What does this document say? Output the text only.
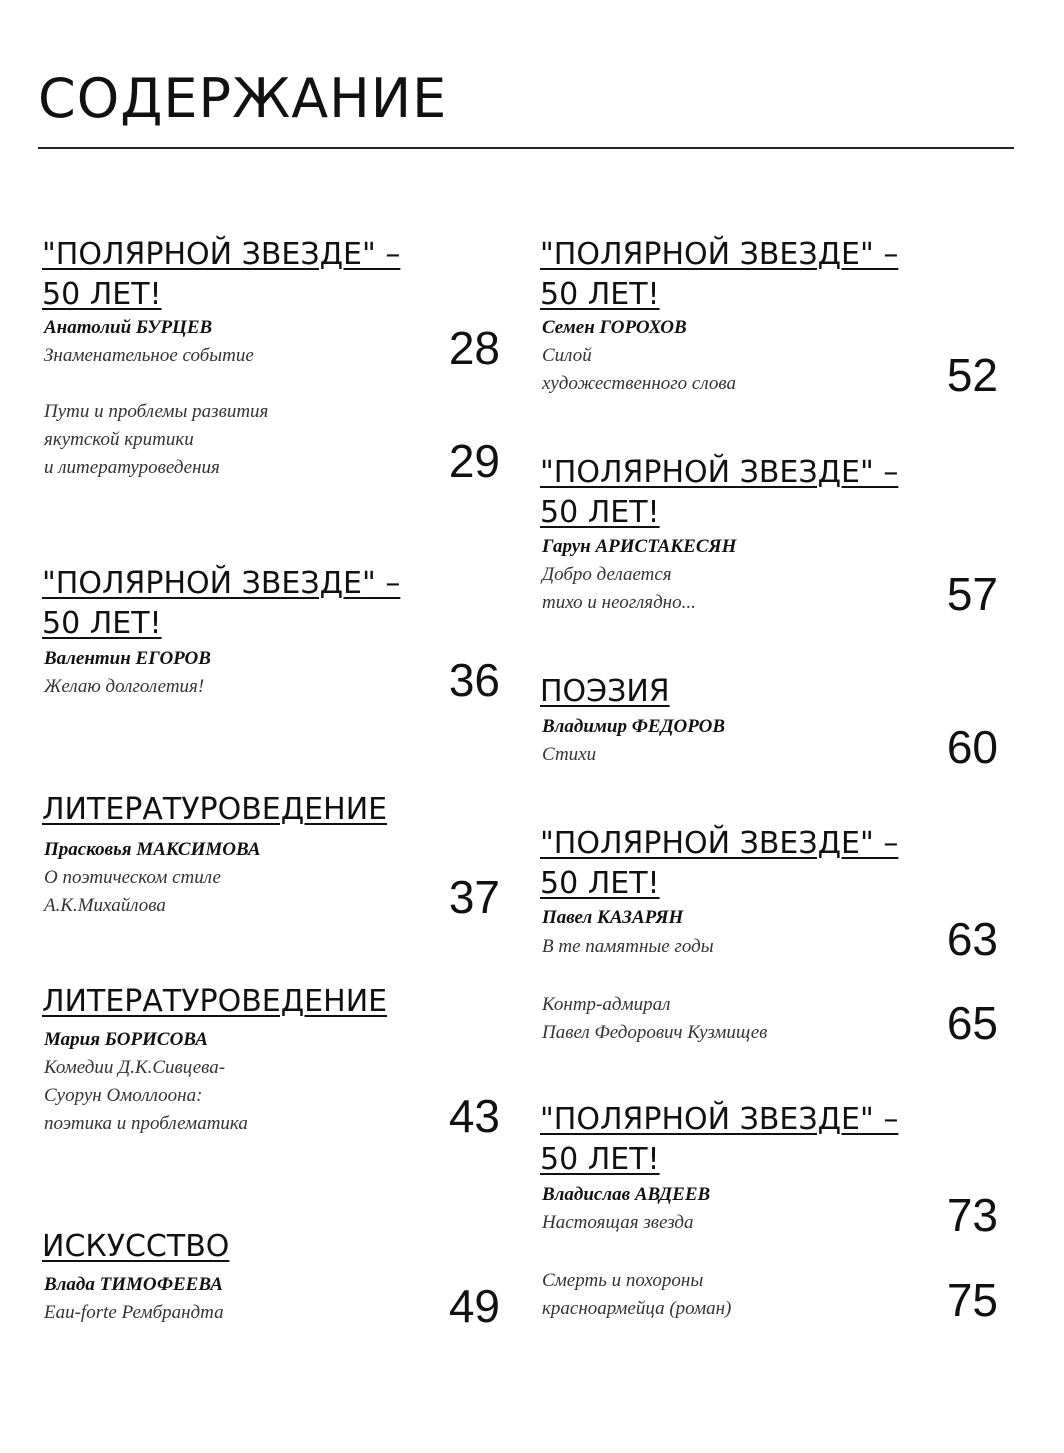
СОДЕРЖАНИЕ
"ПОЛЯРНОЙ ЗВЕЗДЕ" –
50 ЛЕТ!
Анатолий БУРЦЕВ
Знаменательное событие	28
Пути и проблемы развития
якутской критики
и литературоведения	29
"ПОЛЯРНОЙ ЗВЕЗДЕ" –
50 ЛЕТ!
Валентин ЕГОРОВ
Желаю долголетия!	36
ЛИТЕРАТУРОВЕДЕНИЕ
Прасковья МАКСИМОВА
О поэтическом стиле
А.К.Михайлова	37
ЛИТЕРАТУРОВЕДЕНИЕ
Мария БОРИСОВА
Комедии Д.К.Сивцева-
Суорун Омоллоона:
поэтика и проблематика	43
ИСКУССТВО
Влада ТИМОФЕЕВА
Eau-forte Рембрандта	49
"ПОЛЯРНОЙ ЗВЕЗДЕ" –
50 ЛЕТ!
Семен ГОРОХОВ
Силой
художественного слова	52
"ПОЛЯРНОЙ ЗВЕЗДЕ" –
50 ЛЕТ!
Гарун АРИСТАКЕСЯН
Добро делается
тихо и неоглядно...	57
ПОЭЗИЯ
Владимир ФЕДОРОВ
Стихи	60
"ПОЛЯРНОЙ ЗВЕЗДЕ" –
50 ЛЕТ!
Павел КАЗАРЯН
В те памятные годы	63
Контр-адмирал
Павел Федорович Кузмищев	65
"ПОЛЯРНОЙ ЗВЕЗДЕ" –
50 ЛЕТ!
Владислав АВДЕЕВ
Настоящая звезда	73
Смерть и похороны
красноармейца (роман)	75
